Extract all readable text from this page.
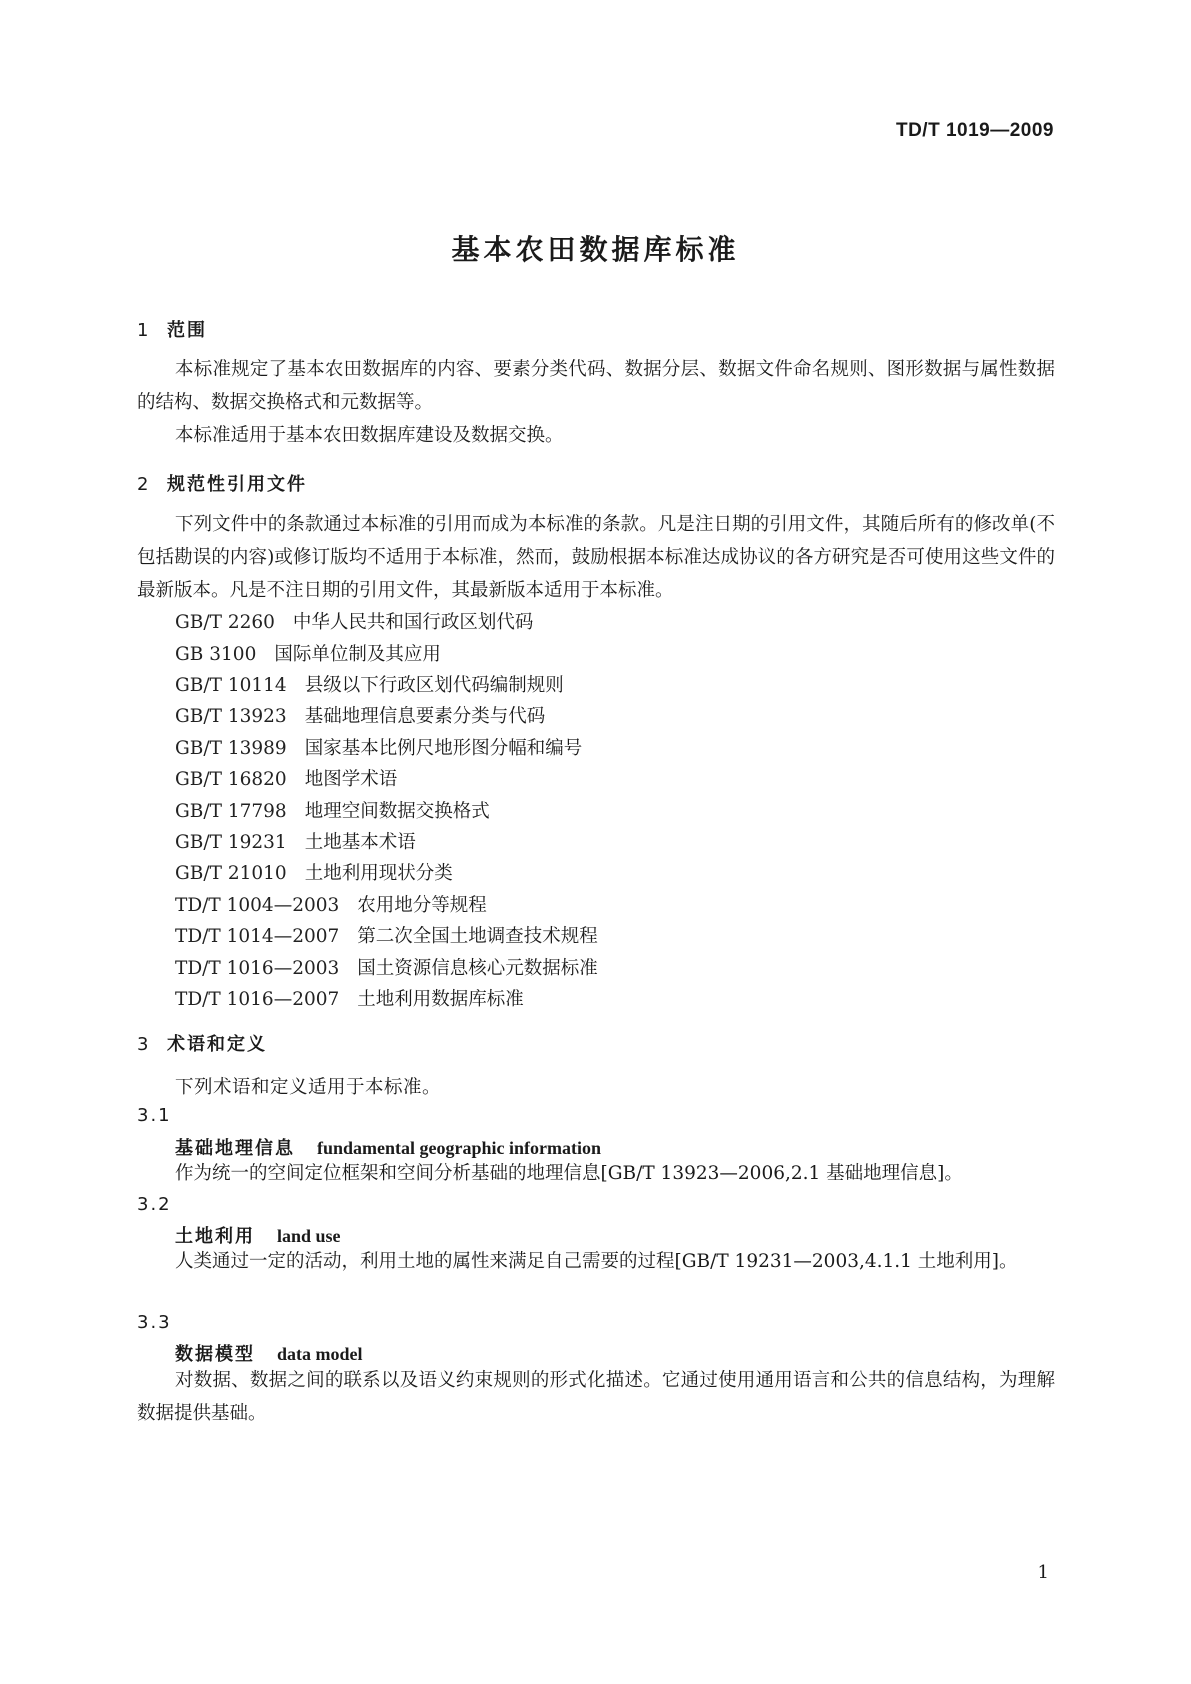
TD/T 1019—2009
基本农田数据库标准
1 范围
本标准规定了基本农田数据库的内容、要素分类代码、数据分层、数据文件命名规则、图形数据与属性数据的结构、数据交换格式和元数据等。
本标准适用于基本农田数据库建设及数据交换。
2 规范性引用文件
下列文件中的条款通过本标准的引用而成为本标准的条款。凡是注日期的引用文件，其随后所有的修改单(不包括勘误的内容)或修订版均不适用于本标准，然而，鼓励根据本标准达成协议的各方研究是否可使用这些文件的最新版本。凡是不注日期的引用文件，其最新版本适用于本标准。
GB/T 2260 中华人民共和国行政区划代码
GB 3100 国际单位制及其应用
GB/T 10114 县级以下行政区划代码编制规则
GB/T 13923 基础地理信息要素分类与代码
GB/T 13989 国家基本比例尺地形图分幅和编号
GB/T 16820 地图学术语
GB/T 17798 地理空间数据交换格式
GB/T 19231 土地基本术语
GB/T 21010 土地利用现状分类
TD/T 1004—2003 农用地分等规程
TD/T 1014—2007 第二次全国土地调查技术规程
TD/T 1016—2003 国土资源信息核心元数据标准
TD/T 1016—2007 土地利用数据库标准
3 术语和定义
下列术语和定义适用于本标准。
3.1
基础地理信息 fundamental geographic information
作为统一的空间定位框架和空间分析基础的地理信息[GB/T 13923—2006,2.1 基础地理信息]。
3.2
土地利用 land use
人类通过一定的活动，利用土地的属性来满足自己需要的过程[GB/T 19231—2003,4.1.1 土地利用]。
3.3
数据模型 data model
对数据、数据之间的联系以及语义约束规则的形式化描述。它通过使用通用语言和公共的信息结构，为理解数据提供基础。
1
